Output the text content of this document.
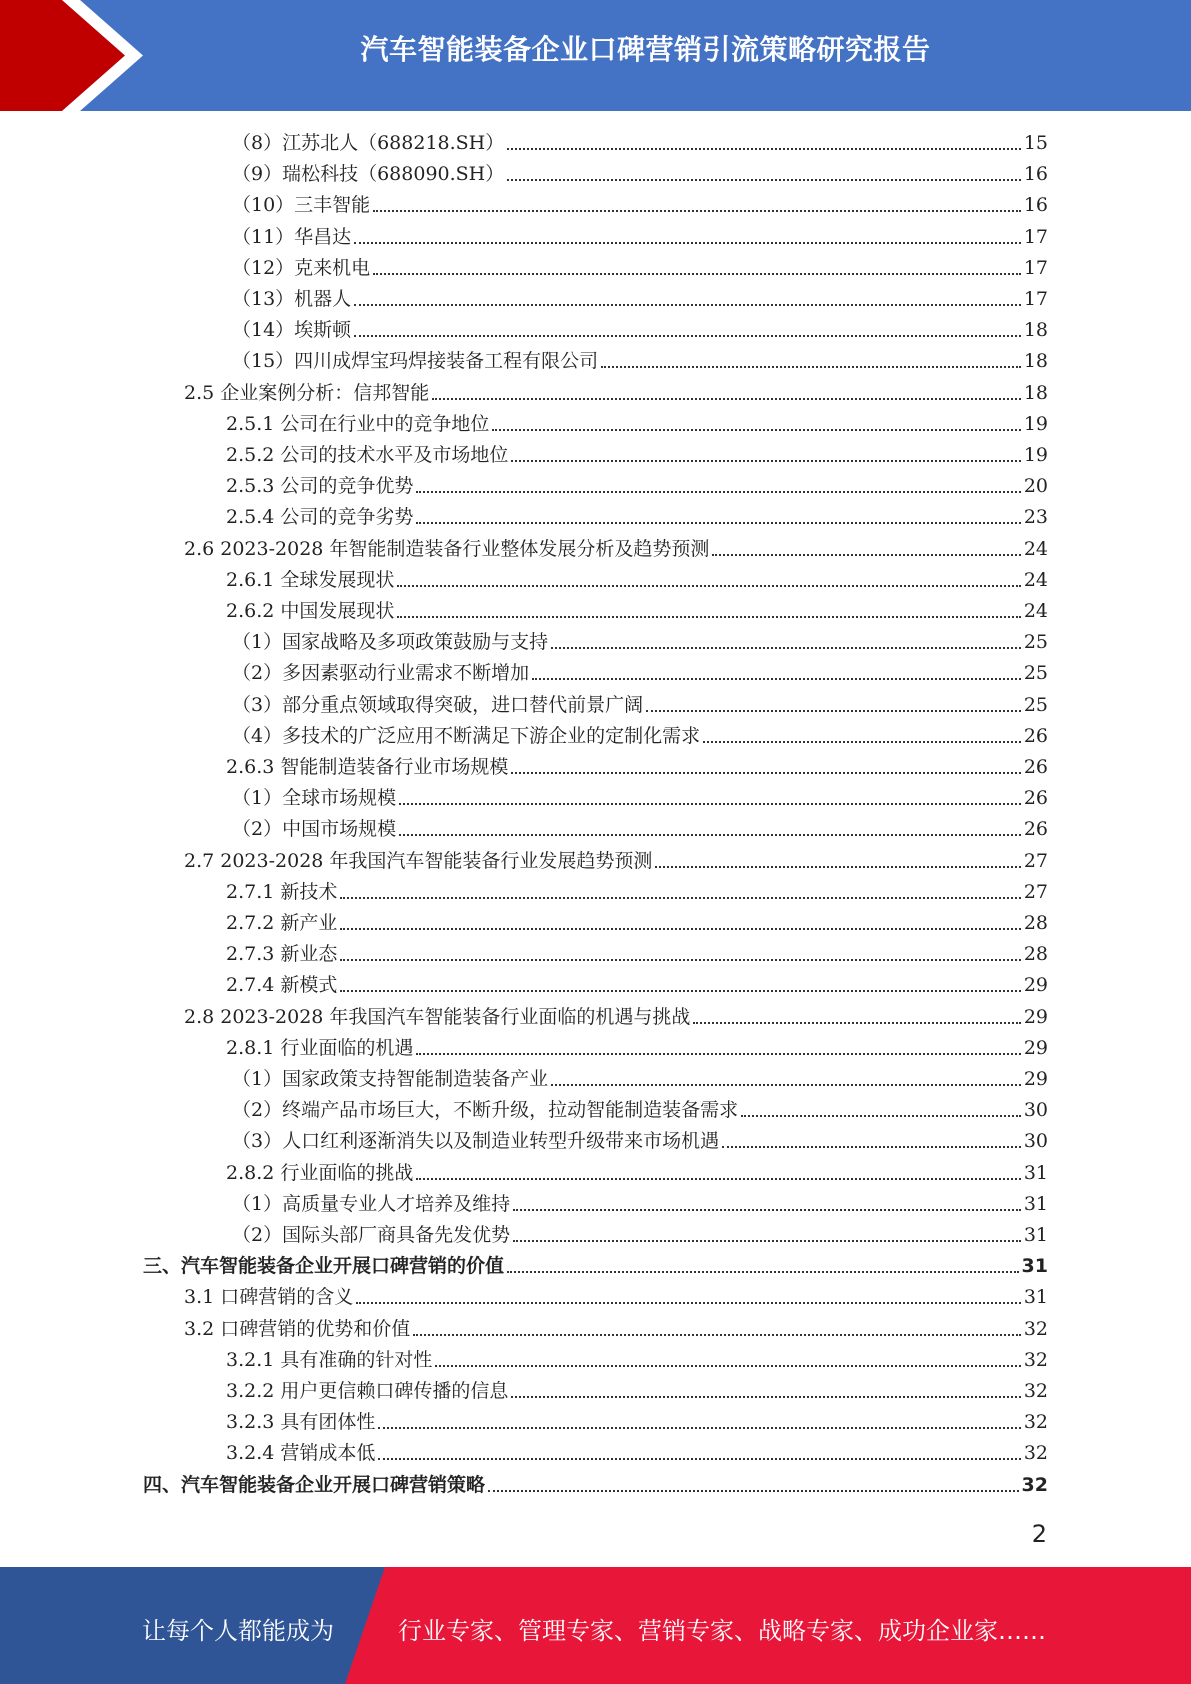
汽车智能装备企业口碑营销引流策略研究报告
（8）江苏北人（688218.SH）	15
（9）瑞松科技（688090.SH）	16
（10）三丰智能	16
（11）华昌达	17
（12）克来机电	17
（13）机器人	17
（14）埃斯顿	18
（15）四川成焊宝玛焊接装备工程有限公司	18
2.5 企业案例分析：信邦智能	18
2.5.1 公司在行业中的竞争地位	19
2.5.2 公司的技术水平及市场地位	19
2.5.3 公司的竞争优势	20
2.5.4 公司的竞争劣势	23
2.6 2023-2028 年智能制造装备行业整体发展分析及趋势预测	24
2.6.1 全球发展现状	24
2.6.2 中国发展现状	24
（1）国家战略及多项政策鼓励与支持	25
（2）多因素驱动行业需求不断增加	25
（3）部分重点领域取得突破，进口替代前景广阔	25
（4）多技术的广泛应用不断满足下游企业的定制化需求	26
2.6.3 智能制造装备行业市场规模	26
（1）全球市场规模	26
（2）中国市场规模	26
2.7 2023-2028 年我国汽车智能装备行业发展趋势预测	27
2.7.1 新技术	27
2.7.2 新产业	28
2.7.3 新业态	28
2.7.4 新模式	29
2.8 2023-2028 年我国汽车智能装备行业面临的机遇与挑战	29
2.8.1 行业面临的机遇	29
（1）国家政策支持智能制造装备产业	29
（2）终端产品市场巨大，不断升级，拉动智能制造装备需求	30
（3）人口红利逐渐消失以及制造业转型升级带来市场机遇	30
2.8.2 行业面临的挑战	31
（1）高质量专业人才培养及维持	31
（2）国际头部厂商具备先发优势	31
三、汽车智能装备企业开展口碑营销的价值	31
3.1 口碑营销的含义	31
3.2 口碑营销的优势和价值	32
3.2.1 具有准确的针对性	32
3.2.2 用户更信赖口碑传播的信息	32
3.2.3 具有团体性	32
3.2.4 营销成本低	32
四、汽车智能装备企业开展口碑营销策略	32
2
让每个人都能成为	行业专家、管理专家、营销专家、战略专家、成功企业家……
